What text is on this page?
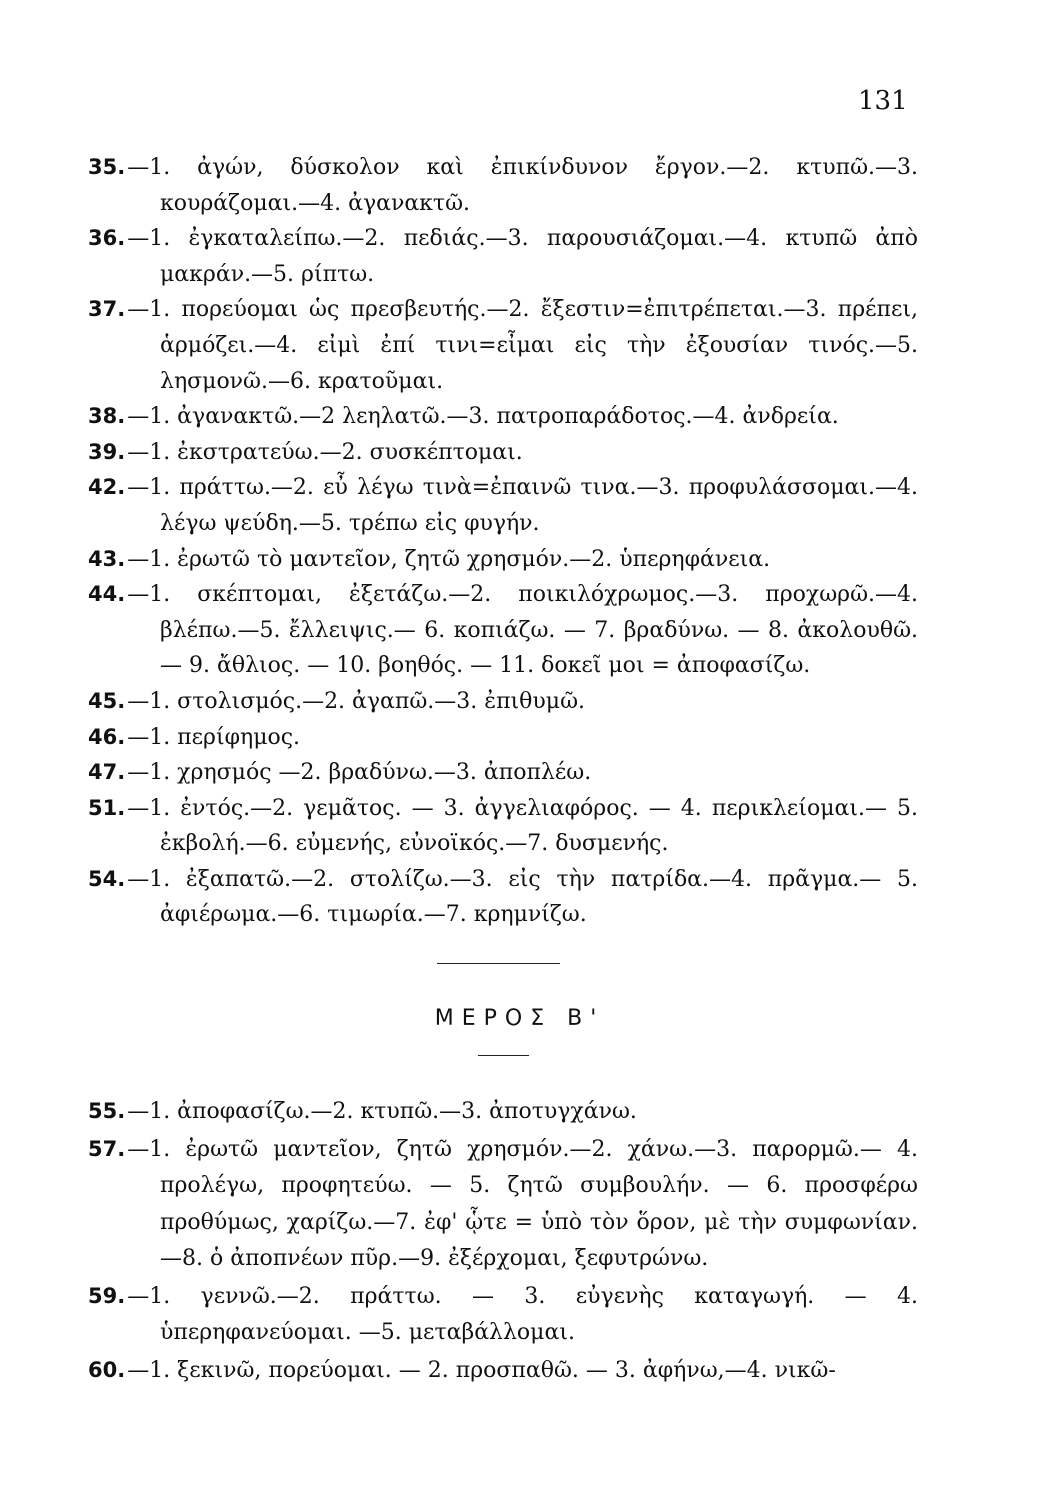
131

35.—1. ἀγών, δύσκολον καὶ ἐπικίνδυνον ἔργον.—2. κτυπῶ.—3. κουράζομαι.—4. ἀγανακτῶ.

36.—1. ἐγκαταλείπω.—2. πεδιάς.—3. παρουσιάζομαι.—4. κτυπῶ ἀπὸ μακράν.—5. ρίπτω.

37.—1. πορεύομαι ὡς πρεσβευτής.—2. ἔξεστιν=ἐπιτρέπεται.—3. πρέπει, ἁρμόζει.—4. εἰμὶ ἐπί τινι=εἶμαι εἰς τὴν ἐξουσίαν τινός.—5. λησμονῶ.—6. κρατοῦμαι.

38.—1. ἀγανακτῶ.—2 λεηλατῶ.—3. πατροπαράδοτος.—4. ἀνδρεία.

39.—1. ἐκστρατεύω.—2. συσκέπτομαι.

42.—1. πράττω.—2. εὖ λέγω τινὰ=ἐπαινῶ τινα.—3. προφυλάσσομαι.—4. λέγω ψεύδη.—5. τρέπω εἰς φυγήν.

43.—1. ἐρωτῶ τὸ μαντεῖον, ζητῶ χρησμόν.—2. ὑπερηφάνεια.

44.—1. σκέπτομαι, ἐξετάζω.—2. ποικιλόχρωμος.—3. προχωρῶ.—4. βλέπω.—5. ἔλλειψις.— 6. κοπιάζω. — 7. βραδύνω. — 8. ἀκολουθῶ.— 9. ἄθλιος. — 10. βοηθός. — 11. δοκεῖ μοι = ἀποφασίζω.

45.—1. στολισμός.—2. ἀγαπῶ.—3. ἐπιθυμῶ.

46.—1. περίφημος.

47.—1. χρησμός —2. βραδύνω.—3. ἀποπλέω.

51.—1. ἐντός.—2. γεμᾶτος. — 3. ἀγγελιαφόρος. — 4. περικλείομαι.— 5. ἐκβολή.—6. εὐμενής, εὐνοϊκός.—7. δυσμενής.

54.—1. ἐξαπατῶ.—2. στολίζω.—3. εἰς τὴν πατρίδα.—4. πρᾶγμα.— 5. ἀφιέρωμα.—6. τιμωρία.—7. κρημνίζω.

ΜΕΡΟΣ Β'

55.—1. ἀποφασίζω.—2. κτυπῶ.—3. ἀποτυγχάνω.

57.—1. ἐρωτῶ μαντεῖον, ζητῶ χρησμόν.—2. χάνω.—3. παρορμῶ.— 4. προλέγω, προφητεύω. — 5. ζητῶ συμβουλήν. — 6. προσφέρω προθύμως, χαρίζω.—7. ἐφ' ᾧτε = ὑπὸ τὸν ὅρον, μὲ τὴν συμφωνίαν.—8. ὁ ἀποπνέων πῦρ.—9. ἐξέρχομαι, ξεφυτρώνω.

59.—1. γεννῶ.—2. πράττω. — 3. εὐγενὴς καταγωγή. — 4. ὑπερηφανεύομαι. —5. μεταβάλλομαι.

60.—1. ξεκινῶ, πορεύομαι. — 2. προσπαθῶ. — 3. ἀφήνω,—4. νικῶ-
